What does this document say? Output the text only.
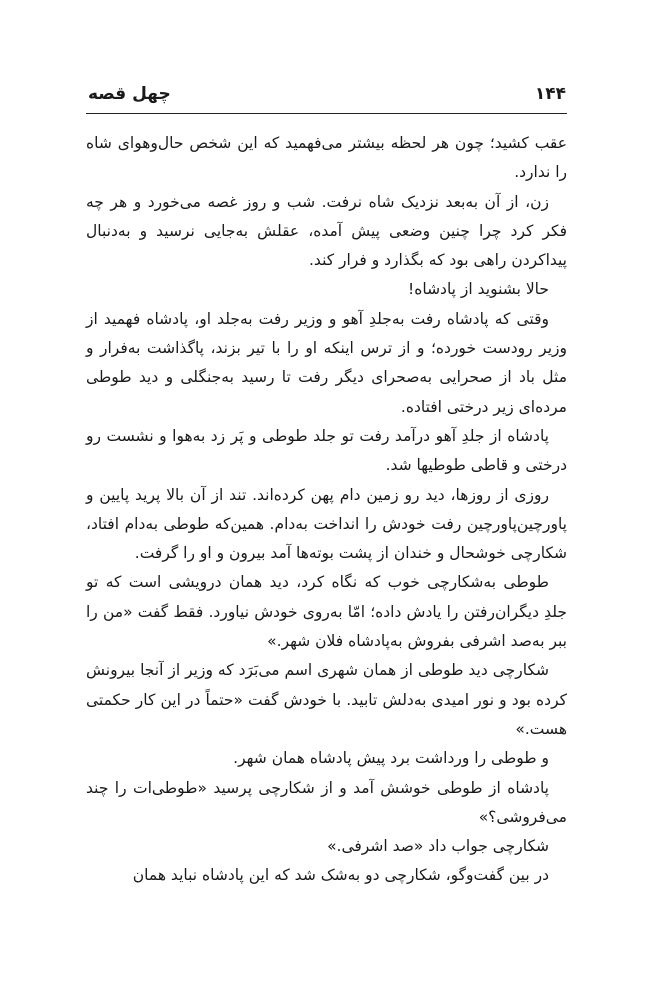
۱۴۴
چهل قصه

عقب کشید؛ چون هر لحظه بیشتر می‌فهمید که این شخص حال‌وهوای شاه را ندارد.

زن، از آن به‌بعد نزدیک شاه نرفت. شب و روز غصه می‌خورد و هر چه فکر کرد چرا چنین وضعی پیش آمده، عقلش به‌جایی نرسید و به‌دنبال پیداکردن راهی بود که بگذارد و فرار کند.

حالا بشنوید از پادشاه!

وقتی که پادشاه رفت به‌جلدِ آهو و وزیر رفت به‌جلد او، پادشاه فهمید از وزیر رودست خورده؛ و از ترس اینکه او را با تیر بزند، پاگذاشت به‌فرار و مثل باد از صحرایی به‌صحرای دیگر رفت تا رسید به‌جنگلی و دید طوطی مرده‌ای زیر درختی افتاده.

پادشاه از جلدِ آهو درآمد رفت تو جلد طوطی و پَر زد به‌هوا و نشست رو درختی و قاطی طوطیها شد.

روزی از روزها، دید رو زمین دام پهن کرده‌اند. تند از آن بالا پرید پایین و پاورچین‌پاورچین رفت خودش را انداخت به‌دام. همین‌که طوطی به‌دام افتاد، شکارچی خوشحال و خندان از پشت بوته‌ها آمد بیرون و او را گرفت.

طوطی به‌شکارچی خوب که نگاه کرد، دید همان درویشی است که تو جلدِ دیگران‌رفتن را یادش داده؛ امّا به‌روی خودش نیاورد. فقط گفت «من را ببر به‌صد اشرفی بفروش به‌پادشاه فلان شهر.»

شکارچی دید طوطی از همان شهری اسم می‌بَرَد که وزیر از آنجا بیرونش کرده بود و نور امیدی به‌دلش تابید. با خودش گفت «حتماً در این کار حکمتی هست.»

و طوطی را ورداشت برد پیش پادشاه همان شهر.

پادشاه از طوطی خوشش آمد و از شکارچی پرسید «طوطی‌ات را چند می‌فروشی؟»

شکارچی جواب داد «صد اشرفی.»

در بین گفت‌وگو، شکارچی دو به‌شک شد که این پادشاه نباید همان
